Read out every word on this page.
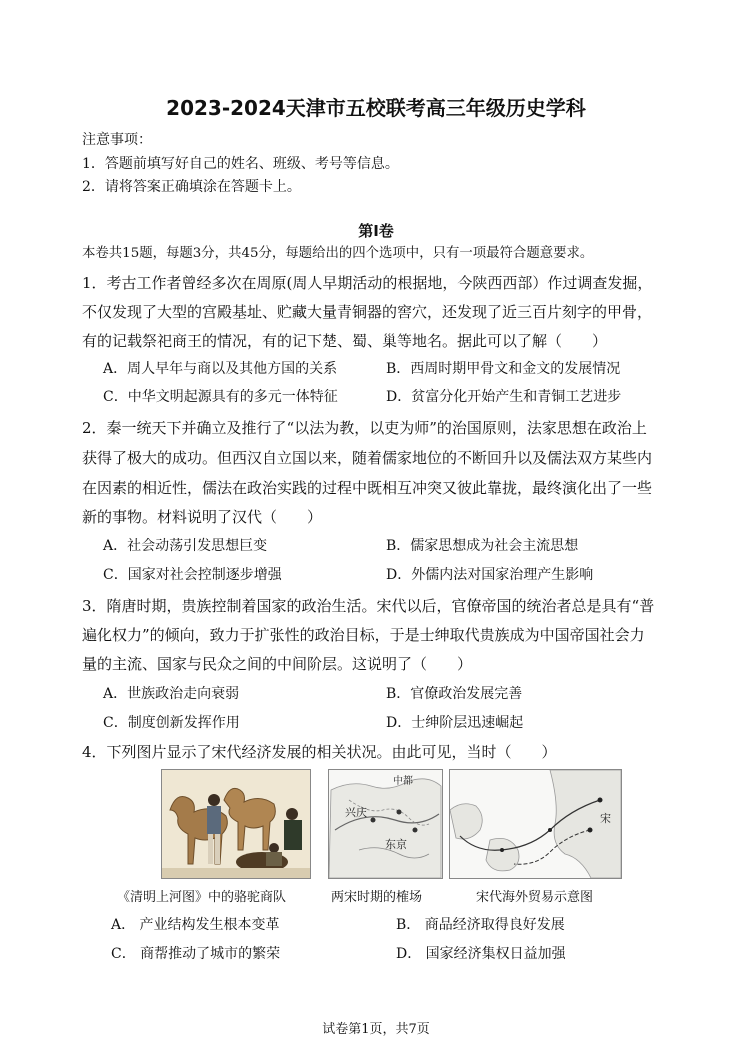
2023-2024天津市五校联考高三年级历史学科
注意事项：
1．答题前填写好自己的姓名、班级、考号等信息。
2．请将答案正确填涂在答题卡上。
第Ⅰ卷
本卷共15题，每题3分，共45分，每题给出的四个选项中，只有一项最符合题意要求。
1．考古工作者曾经多次在周原(周人早期活动的根据地，今陕西西部）作过调查发掘，
不仅发现了大型的宫殿基址、贮藏大量青铜器的窖穴，还发现了近三百片刻字的甲骨，
有的记载祭祀商王的情况，有的记下楚、蜀、巢等地名。据此可以了解（　　）
A．周人早年与商以及其他方国的关系	B．西周时期甲骨文和金文的发展情况
C．中华文明起源具有的多元一体特征	D．贫富分化开始产生和青铜工艺进步
2．秦一统天下并确立及推行了“以法为教，以吏为师”的治国原则，法家思想在政治上
获得了极大的成功。但西汉自立国以来，随着儒家地位的不断回升以及儒法双方某些内
在因素的相近性，儒法在政治实践的过程中既相互冲突又彼此靠拢，最终演化出了一些
新的事物。材料说明了汉代（　　）
A．社会动荡引发思想巨变	B．儒家思想成为社会主流思想
C．国家对社会控制逐步增强	D．外儒内法对国家治理产生影响
3．隋唐时期，贵族控制着国家的政治生活。宋代以后，官僚帝国的统治者总是具有“普
遍化权力”的倾向，致力于扩张性的政治目标，于是士绅取代贵族成为中国帝国社会力
量的主流、国家与民众之间的中间阶层。这说明了（　　）
A．世族政治走向衰弱	B．官僚政治发展完善
C．制度创新发挥作用	D．士绅阶层迅速崛起
4．下列图片显示了宋代经济发展的相关状况。由此可见，当时（　　）
兴庆
东京
中都
宋
《清明上河图》中的骆驼商队	两宋时期的榷场	宋代海外贸易示意图
A． 产业结构发生根本变革	B． 商品经济取得良好发展
C． 商帮推动了城市的繁荣	D． 国家经济集权日益加强
试卷第1页，共7页
